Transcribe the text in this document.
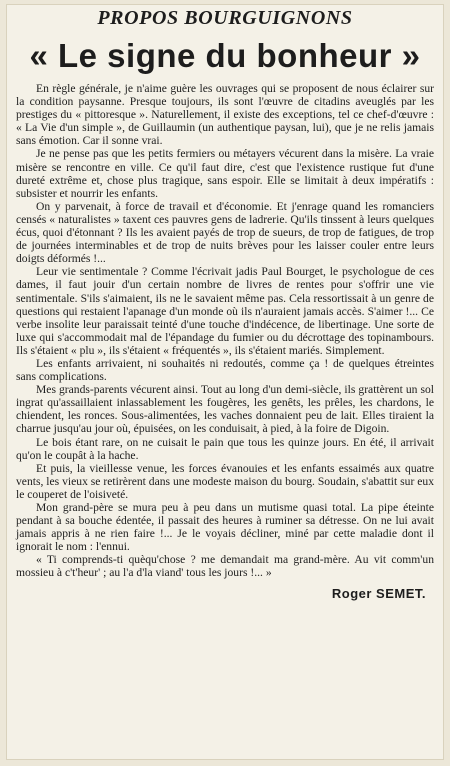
PROPOS BOURGUIGNONS
« Le signe du bonheur »

En règle générale, je n'aime guère les ouvrages qui se proposent de nous éclairer sur la condition paysanne. Presque toujours, ils sont l'œuvre de citadins aveuglés par les prestiges du « pittoresque ». Naturellement, il existe des exceptions, tel ce chef-d'œuvre : « La Vie d'un simple », de Guillaumin (un authentique paysan, lui), que je ne relis jamais sans émotion. Car il sonne vrai.

Je ne pense pas que les petits fermiers ou métayers vécurent dans la misère. La vraie misère se rencontre en ville. Ce qu'il faut dire, c'est que l'existence rustique fut d'une dureté extrême et, chose plus tragique, sans espoir. Elle se limitait à deux impératifs : subsister et nourrir les enfants.

On y parvenait, à force de travail et d'économie. Et j'enrage quand les romanciers censés « naturalistes » taxent ces pauvres gens de ladrerie. Qu'ils tinssent à leurs quelques écus, quoi d'étonnant ? Ils les avaient payés de trop de sueurs, de trop de fatigues, de trop de journées interminables et de trop de nuits brèves pour les laisser couler entre leurs doigts déformés !...

Leur vie sentimentale ? Comme l'écrivait jadis Paul Bourget, le psychologue de ces dames, il faut jouir d'un certain nombre de livres de rentes pour s'offrir une vie sentimentale. S'ils s'aimaient, ils ne le savaient même pas. Cela ressortissait à un genre de questions qui restaient l'apanage d'un monde où ils n'auraient jamais accès. S'aimer !... Ce verbe insolite leur paraissait teinté d'une touche d'indécence, de libertinage. Une sorte de luxe qui s'accommodait mal de l'épandage du fumier ou du décrottage des topinambours. Ils s'étaient « plu », ils s'étaient « fréquentés », ils s'étaient mariés. Simplement.

Les enfants arrivaient, ni souhaités ni redoutés, comme ça ! de quelques étreintes sans complications.

Mes grands-parents vécurent ainsi. Tout au long d'un demi-siècle, ils grattèrent un sol ingrat qu'assaillaient inlassablement les fougères, les genêts, les prêles, les chardons, le chiendent, les ronces. Sous-alimentées, les vaches donnaient peu de lait. Elles tiraient la charrue jusqu'au jour où, épuisées, on les conduisait, à pied, à la foire de Digoin.

Le bois étant rare, on ne cuisait le pain que tous les quinze jours. En été, il arrivait qu'on le coupât à la hache.

Et puis, la vieillesse venue, les forces évanouies et les enfants essaimés aux quatre vents, les vieux se retirèrent dans une modeste maison du bourg. Soudain, s'abattit sur eux le couperet de l'oisiveté.

Mon grand-père se mura peu à peu dans un mutisme quasi total. La pipe éteinte pendant à sa bouche édentée, il passait des heures à ruminer sa détresse. On ne lui avait jamais appris à ne rien faire !... Je le voyais décliner, miné par cette maladie dont il ignorait le nom : l'ennui.

« Ti comprends-ti quèqu'chose ? me demandait ma grand-mère. Au vit comm'un mossieu à c't'heur' ; au l'a d'la viand' tous les jours !... »

Roger SEMET.
